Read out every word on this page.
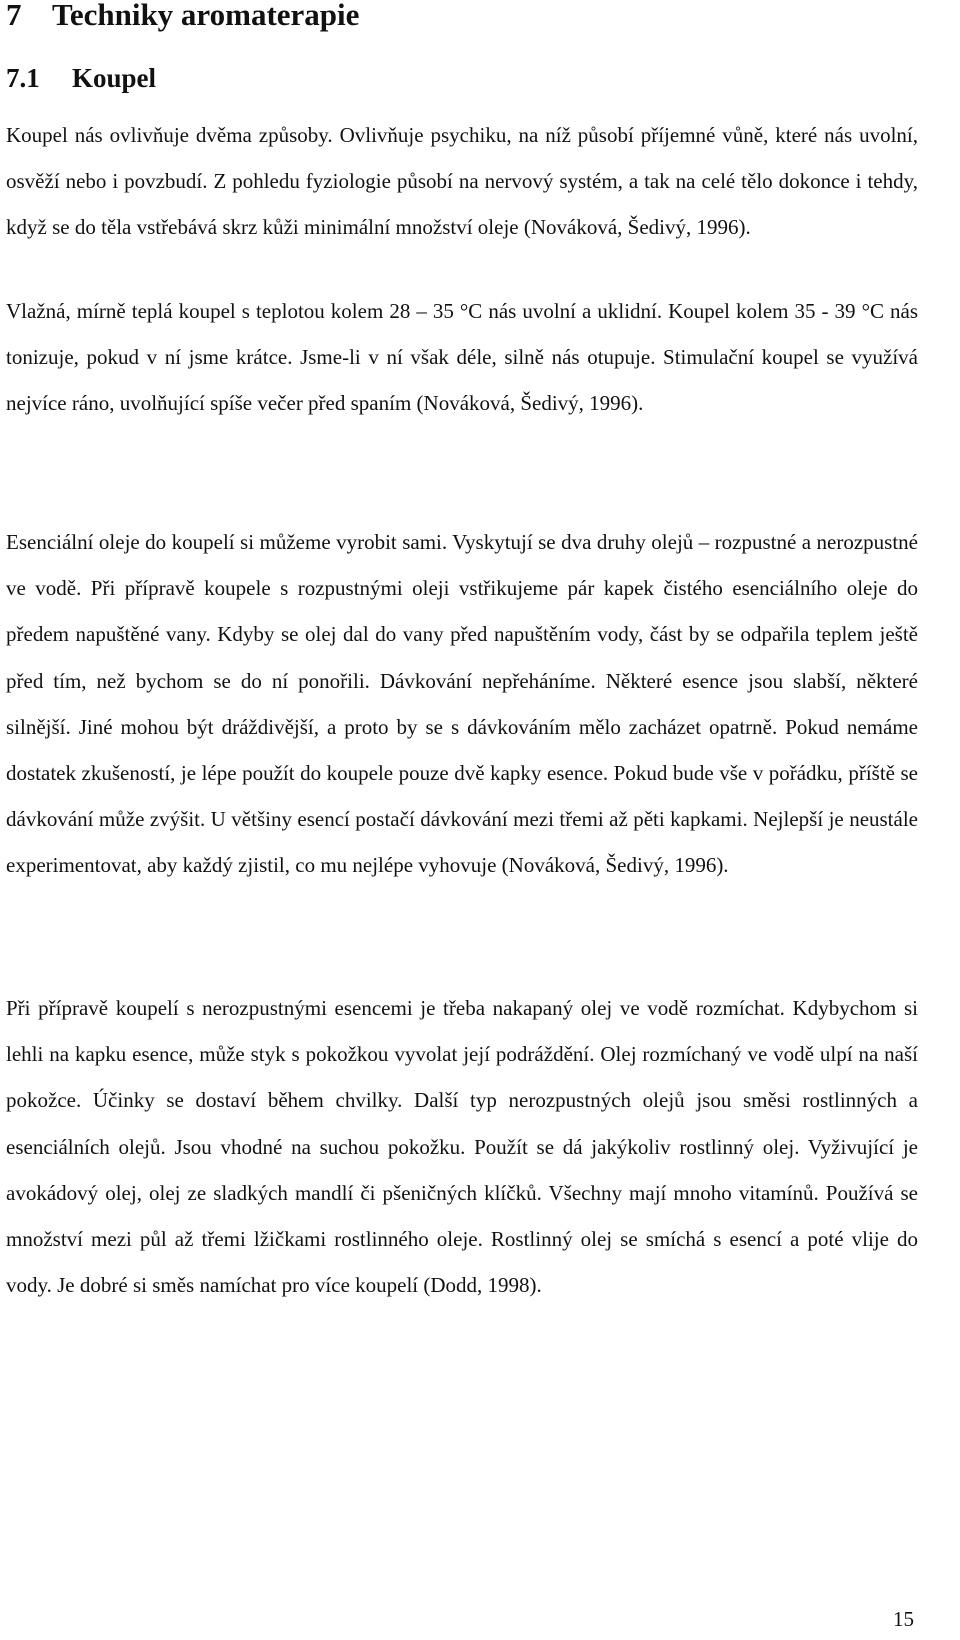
7 Techniky aromaterapie
7.1 Koupel

Koupel nás ovlivňuje dvěma způsoby. Ovlivňuje psychiku, na níž působí příjemné vůně, které nás uvolní, osvěží nebo i povzbudí. Z pohledu fyziologie působí na nervový systém, a tak na celé tělo dokonce i tehdy, když se do těla vstřebává skrz kůži minimální množství oleje (Nováková, Šedivý, 1996).

Vlažná, mírně teplá koupel s teplotou kolem 28 – 35 °C nás uvolní a uklidní. Koupel kolem 35 - 39 °C nás tonizuje, pokud v ní jsme krátce. Jsme-li v ní však déle, silně nás otupuje. Stimulační koupel se využívá nejvíce ráno, uvolňující spíše večer před spaním (Nováková, Šedivý, 1996).

Esenciální oleje do koupelí si můžeme vyrobit sami. Vyskytují se dva druhy olejů – rozpustné a nerozpustné ve vodě. Při přípravě koupele s rozpustnými oleji vstřikujeme pár kapek čistého esenciálního oleje do předem napuštěné vany. Kdyby se olej dal do vany před napuštěním vody, část by se odpařila teplem ještě před tím, než bychom se do ní ponořili. Dávkování nepřeháníme. Některé esence jsou slabší, některé silnější. Jiné mohou být dráždivější, a proto by se s dávkováním mělo zacházet opatrně. Pokud nemáme dostatek zkušeností, je lépe použít do koupele pouze dvě kapky esence. Pokud bude vše v pořádku, příště se dávkování může zvýšit. U většiny esencí postačí dávkování mezi třemi až pěti kapkami. Nejlepší je neustále experimentovat, aby každý zjistil, co mu nejlépe vyhovuje (Nováková, Šedivý, 1996).

Při přípravě koupelí s nerozpustnými esencemi je třeba nakapaný olej ve vodě rozmíchat. Kdybychom si lehli na kapku esence, může styk s pokožkou vyvolat její podráždění. Olej rozmíchaný ve vodě ulpí na naší pokožce. Účinky se dostaví během chvilky. Další typ nerozpustných olejů jsou směsi rostlinných a esenciálních olejů. Jsou vhodné na suchou pokožku. Použít se dá jakýkoliv rostlinný olej. Vyživující je avokádový olej, olej ze sladkých mandlí či pšeničných klíčků. Všechny mají mnoho vitamínů. Používá se množství mezi půl až třemi lžičkami rostlinného oleje. Rostlinný olej se smíchá s esencí a poté vlije do vody. Je dobré si směs namíchat pro více koupelí (Dodd, 1998).

15
